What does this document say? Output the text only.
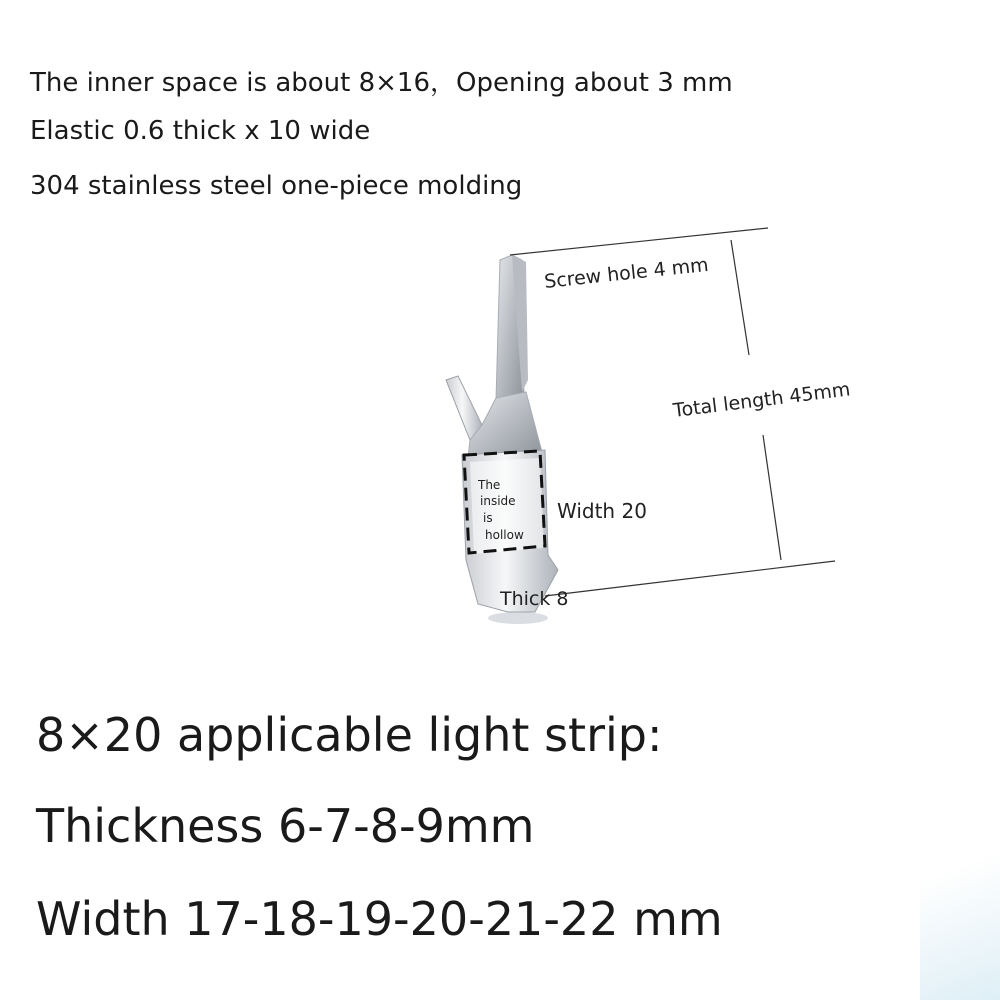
The inner space is about 8×16，Opening about 3 mm

Elastic 0.6 thick x 10 wide

304 stainless steel one-piece molding

Screw hole 4 mm
Total length 45mm
Width 20
Thick 8
The
inside
is
hollow

8×20 applicable light strip:

Thickness 6-7-8-9mm

Width 17-18-19-20-21-22 mm
